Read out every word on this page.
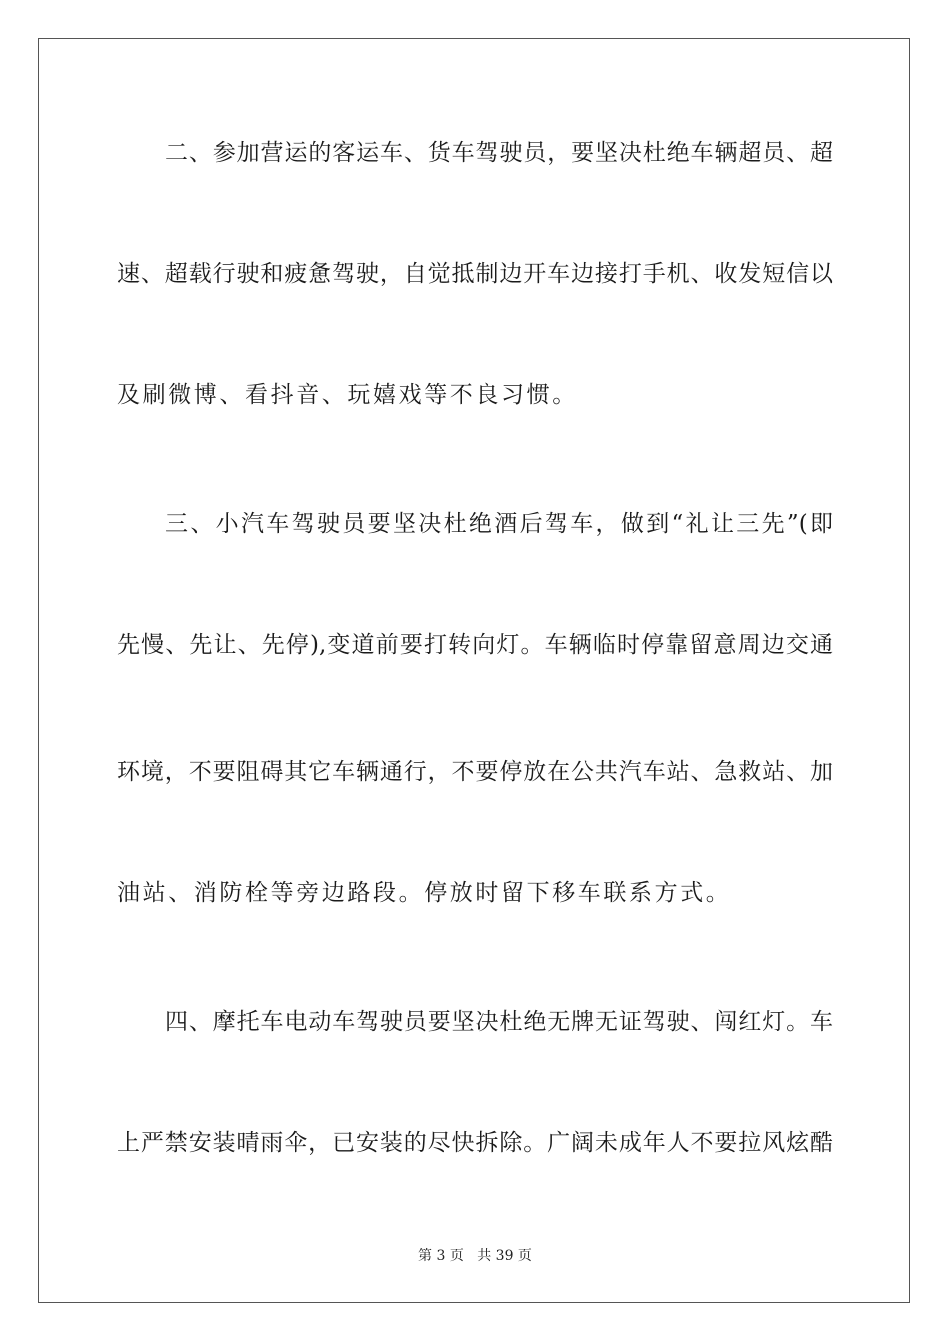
二、参加营运的客运车、货车驾驶员，要坚决杜绝车辆超员、超
速、超载行驶和疲惫驾驶，自觉抵制边开车边接打手机、收发短信以
及刷微博、看抖音、玩嬉戏等不良习惯。
三、小汽车驾驶员要坚决杜绝酒后驾车，做到“礼让三先”(即
先慢、先让、先停),变道前要打转向灯。车辆临时停靠留意周边交通
环境，不要阻碍其它车辆通行，不要停放在公共汽车站、急救站、加
油站、消防栓等旁边路段。停放时留下移车联系方式。
四、摩托车电动车驾驶员要坚决杜绝无牌无证驾驶、闯红灯。车
上严禁安装晴雨伞，已安装的尽快拆除。广阔未成年人不要拉风炫酷
第 3 页 共 39 页
